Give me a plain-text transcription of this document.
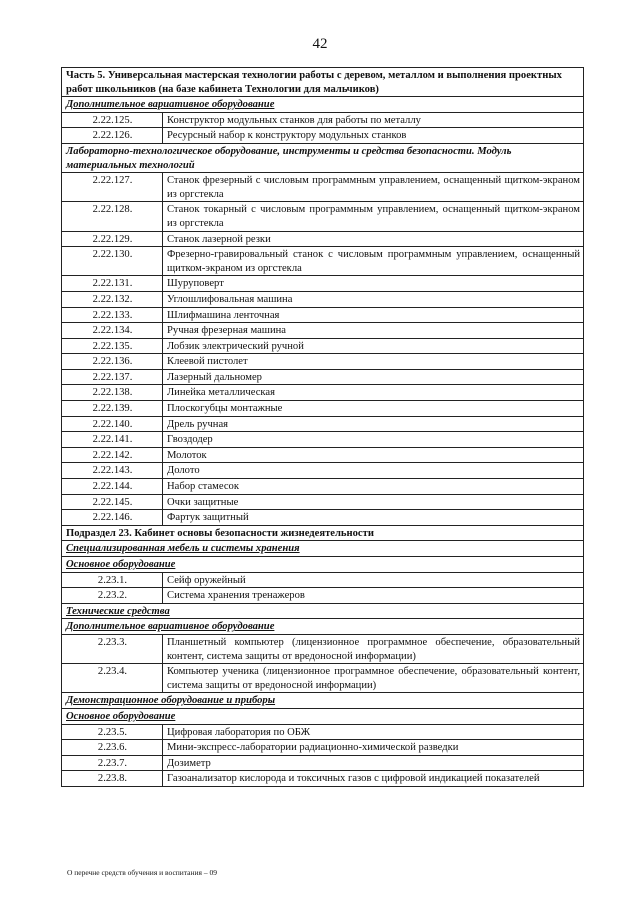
42
Часть 5. Универсальная мастерская технологии работы с деревом, металлом и выполнения проектных работ школьников (на базе кабинета Технологии для мальчиков)	
Дополнительное вариативное оборудование	
2.22.125.	Конструктор модульных станков для работы по металлу
2.22.126.	Ресурсный набор к конструктору модульных станков
Лабораторно-технологическое оборудование, инструменты и средства безопасности. Модуль материальных технологий	
2.22.127.	Станок фрезерный с числовым программным управлением, оснащенный щитком-экраном из оргстекла
2.22.128.	Станок токарный с числовым программным управлением, оснащенный щитком-экраном из оргстекла
2.22.129.	Станок лазерной резки
2.22.130.	Фрезерно-гравировальный станок с числовым программным управлением, оснащенный щитком-экраном из оргстекла
2.22.131.	Шуруповерт
2.22.132.	Углошлифовальная машина
2.22.133.	Шлифмашина ленточная
2.22.134.	Ручная фрезерная машина
2.22.135.	Лобзик электрический ручной
2.22.136.	Клеевой пистолет
2.22.137.	Лазерный дальномер
2.22.138.	Линейка металлическая
2.22.139.	Плоскогубцы монтажные
2.22.140.	Дрель ручная
2.22.141.	Гвоздодер
2.22.142.	Молоток
2.22.143.	Долото
2.22.144.	Набор стамесок
2.22.145.	Очки защитные
2.22.146.	Фартук защитный
Подраздел 23. Кабинет основы безопасности жизнедеятельности	
Специализированная мебель и системы хранения	
Основное оборудование	
2.23.1.	Сейф оружейный
2.23.2.	Система хранения тренажеров
Технические средства	
Дополнительное вариативное оборудование	
2.23.3.	Планшетный компьютер (лицензионное программное обеспечение, образовательный контент, система защиты от вредоносной информации)
2.23.4.	Компьютер ученика (лицензионное программное обеспечение, образовательный контент, система защиты от вредоносной информации)
Демонстрационное оборудование и приборы	
Основное оборудование	
2.23.5.	Цифровая лаборатория по ОБЖ
2.23.6.	Мини-экспресс-лаборатории радиационно-химической разведки
2.23.7.	Дозиметр
2.23.8.	Газоанализатор кислорода и токсичных газов с цифровой индикацией показателей
О перечне средств обучения и воспитания – 09
